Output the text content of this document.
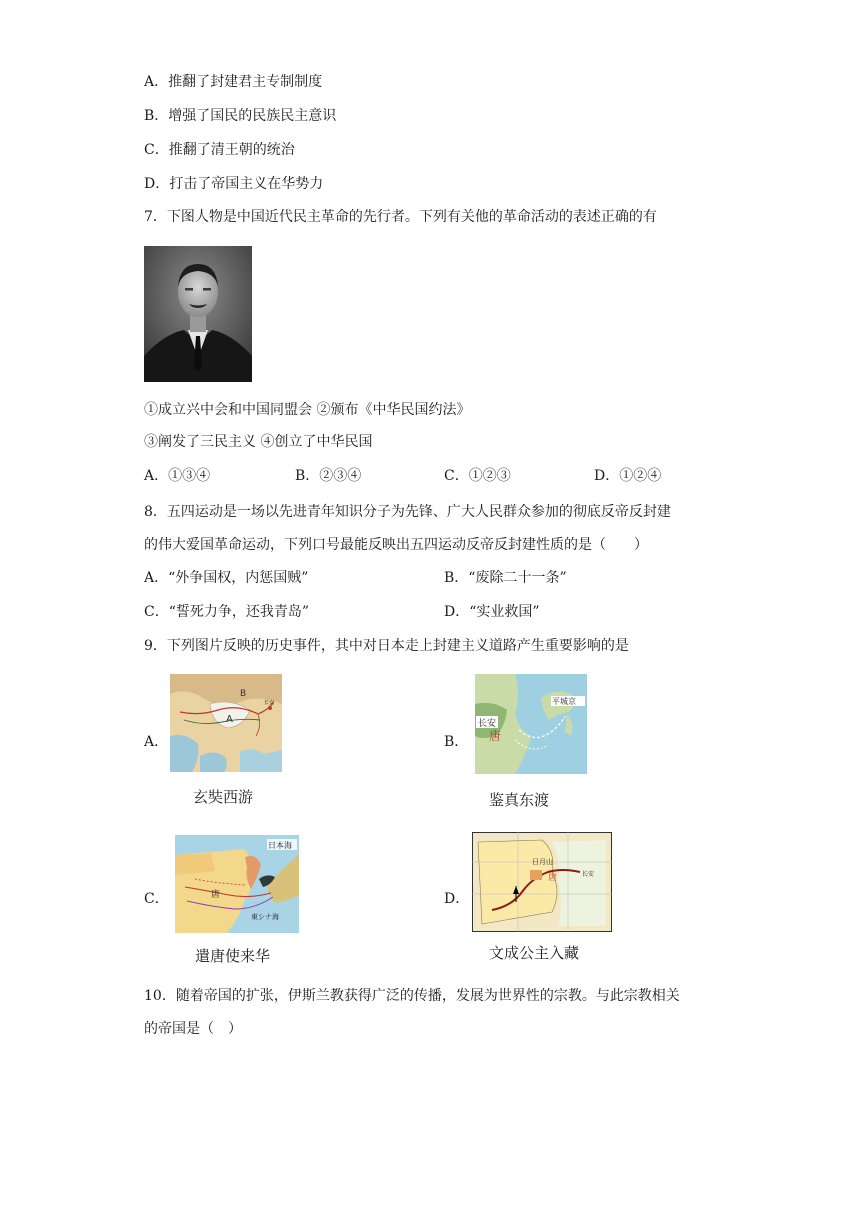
A．推翻了封建君主专制制度
B．增强了国民的民族民主意识
C．推翻了清王朝的统治
D．打击了帝国主义在华势力
7．下图人物是中国近代民主革命的先行者。下列有关他的革命活动的表述正确的有
①成立兴中会和中国同盟会 ②颁布《中华民国约法》
③阐发了三民主义 ④创立了中华民国
A．①③④	B．②③④	C．①②③	D．①②④
8．五四运动是一场以先进青年知识分子为先锋、广大人民群众参加的彻底反帝反封建
的伟大爱国革命运动，下列口号最能反映出五四运动反帝反封建性质的是（　　）
A．“外争国权，内惩国贼”	B．“废除二十一条”
C．“誓死力争，还我青岛”	D．“实业救国”
9．下列图片反映的历史事件，其中对日本走上封建主义道路产生重要影响的是
A．
B
A
长安
玄奘西游
B．
长安
唐
平城京
鉴真东渡
C．
日本海
唐
東シナ海
遣唐使来华
D．
日月山
唐	长安
文成公主入藏
10．随着帝国的扩张，伊斯兰教获得广泛的传播，发展为世界性的宗教。与此宗教相关
的帝国是（　）
